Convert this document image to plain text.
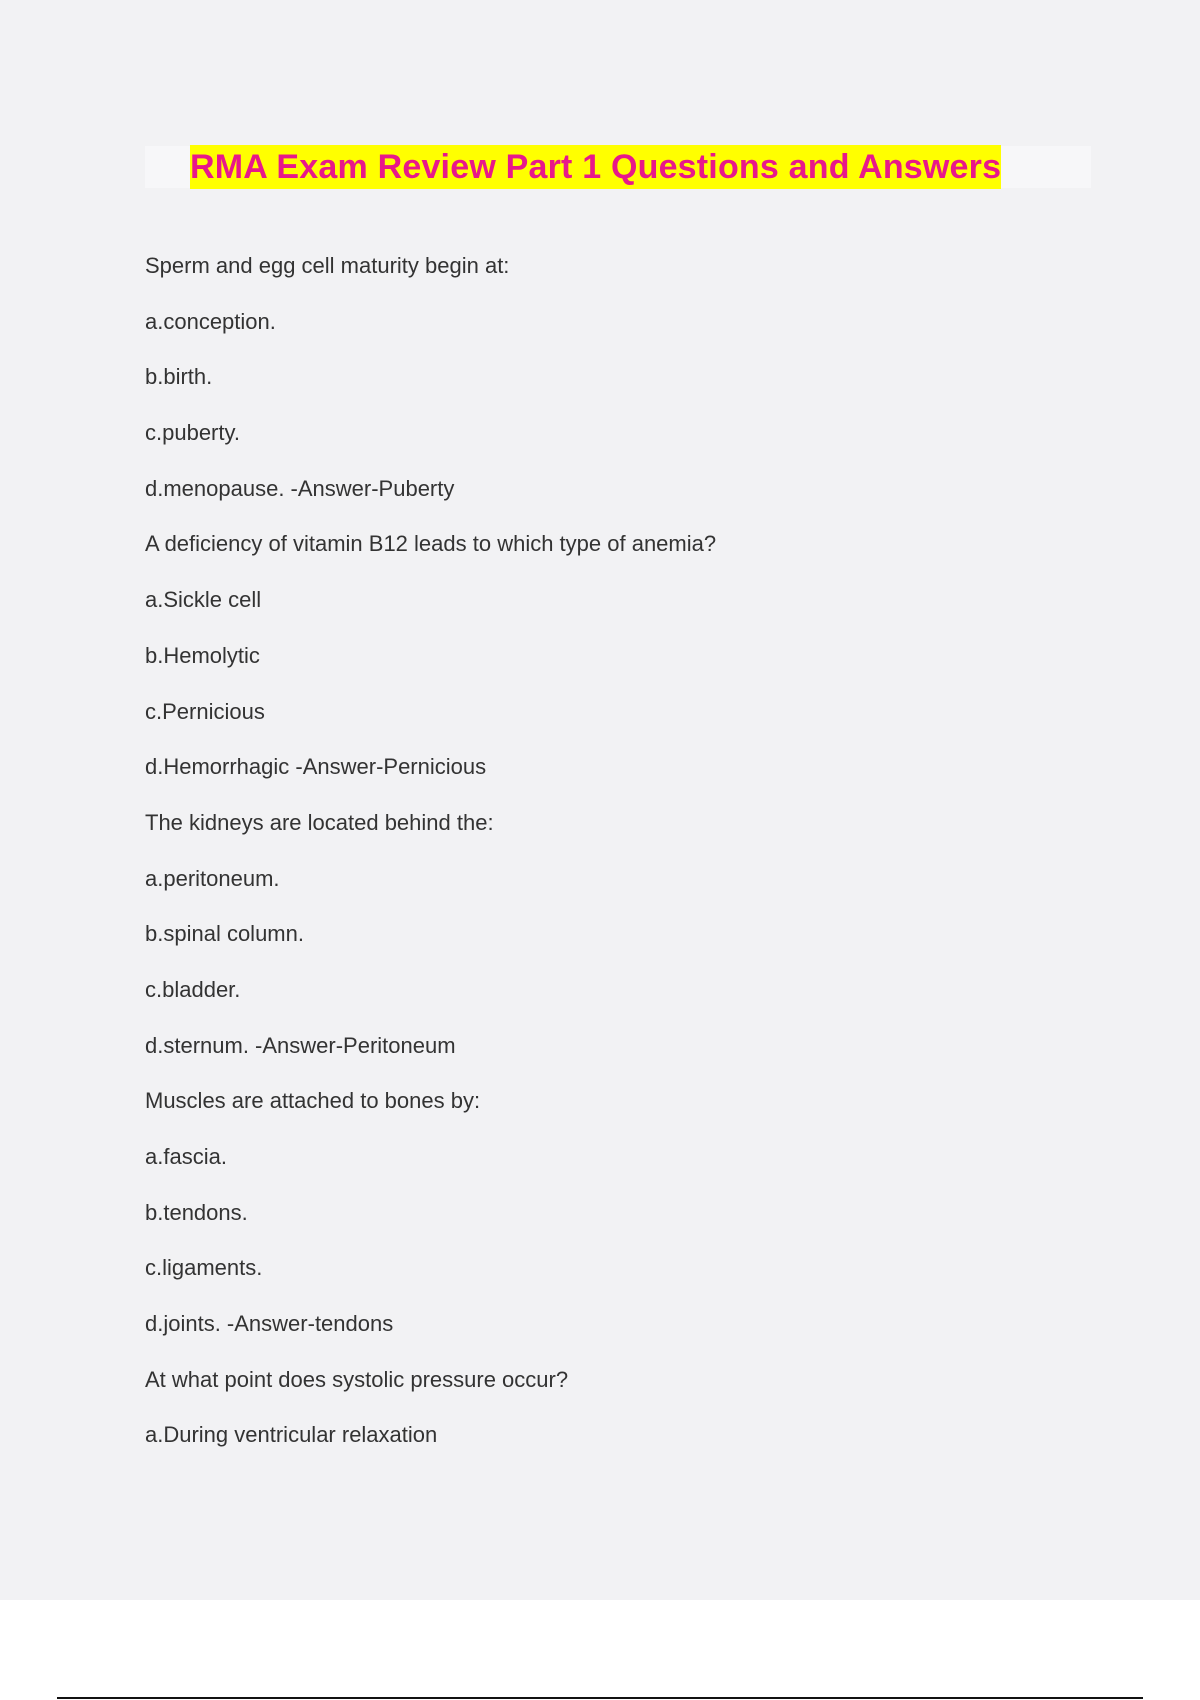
RMA Exam Review Part 1 Questions and Answers
Sperm and egg cell maturity begin at:
a.conception.
b.birth.
c.puberty.
d.menopause. -Answer-Puberty
A deficiency of vitamin B12 leads to which type of anemia?
a.Sickle cell
b.Hemolytic
c.Pernicious
d.Hemorrhagic -Answer-Pernicious
The kidneys are located behind the:
a.peritoneum.
b.spinal column.
c.bladder.
d.sternum. -Answer-Peritoneum
Muscles are attached to bones by:
a.fascia.
b.tendons.
c.ligaments.
d.joints. -Answer-tendons
At what point does systolic pressure occur?
a.During ventricular relaxation
